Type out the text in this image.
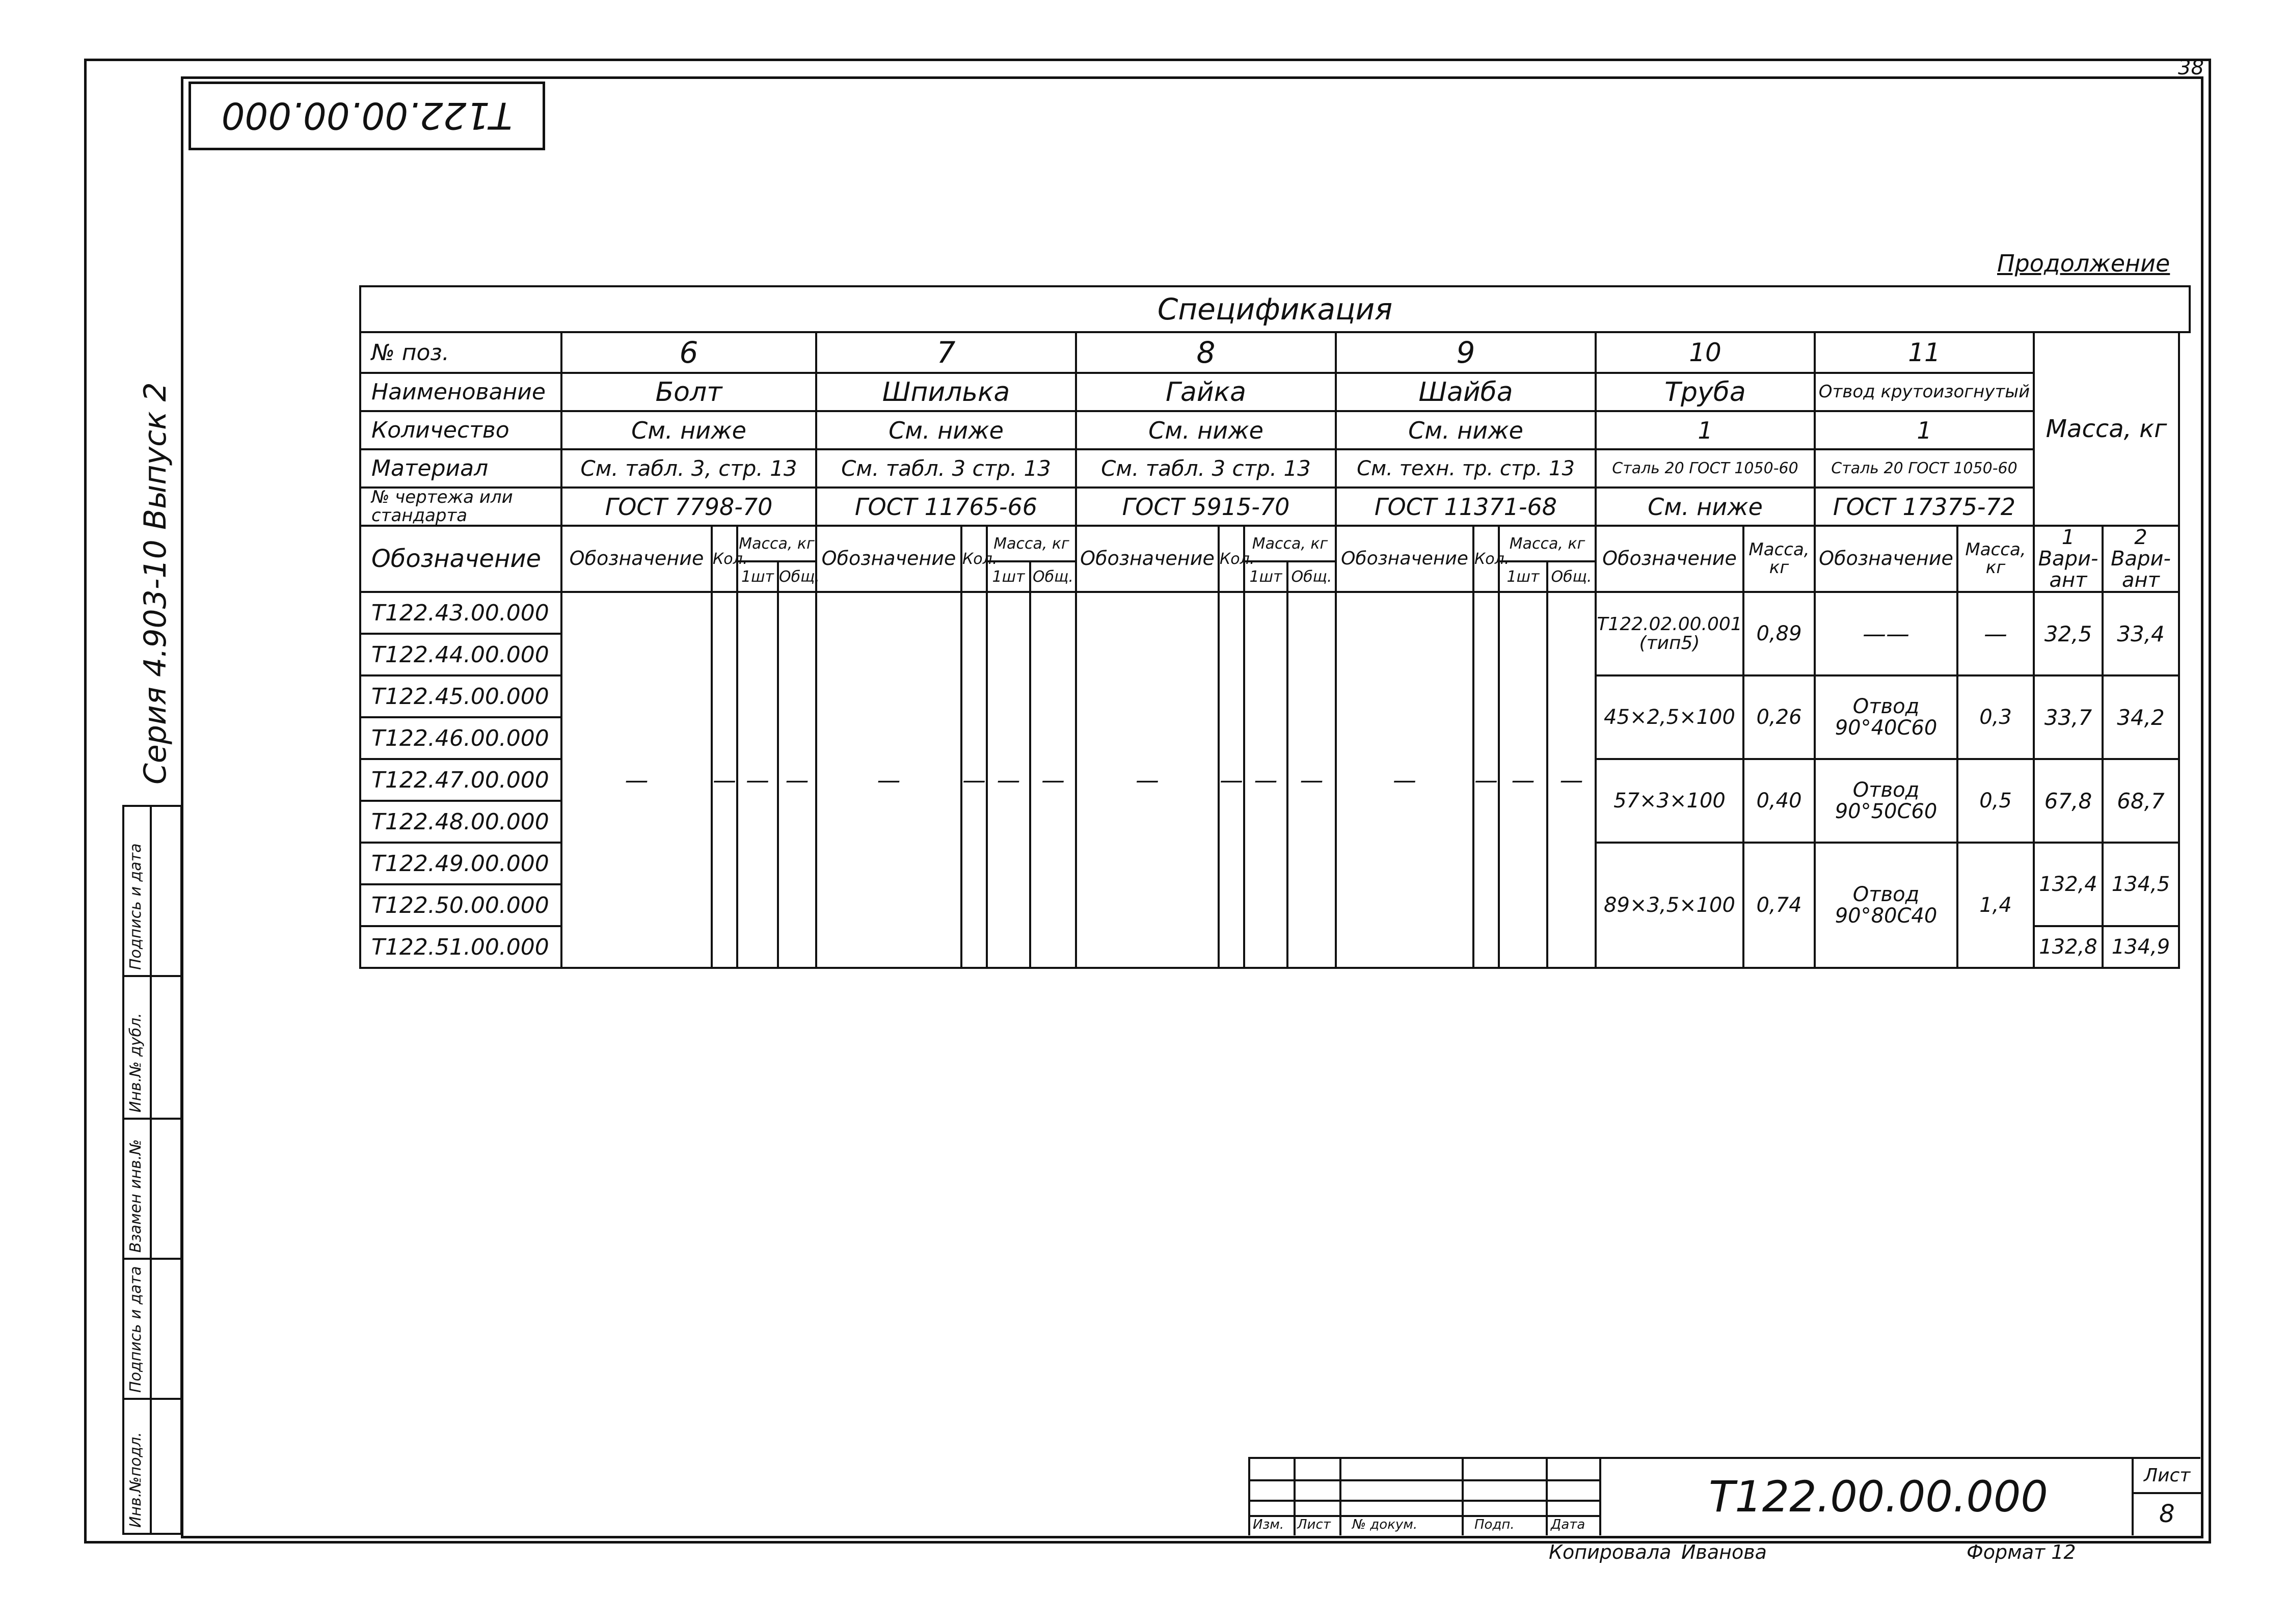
38
Т122.00.00.000
Продолжение
Серия 4.903-10 Выпуск 2
Подпись и дата
Инв.№ дубл.
Взамен инв.№
Подпись и дата
Инв.№подл.
Спецификация																						
№ поз.	6				7				8				9				10		11		Масса, кг	
Наименование	Болт				Шпилька				Гайка				Шайба				Труба		Отвод крутоизогнутый			
Количество	См. ниже				См. ниже				См. ниже				См. ниже				1		1			
Материал	См. табл. 3, стр. 13				См. табл. 3 стр. 13				См. табл. 3 стр. 13				См. техн. тр. стр. 13				Сталь 20 ГОСТ 1050-60		Сталь 20 ГОСТ 1050-60			
№ чертежа или стандарта	ГОСТ 7798-70				ГОСТ 11765-66				ГОСТ 5915-70				ГОСТ 11371-68				См. ниже		ГОСТ 17375-72			
Обозначение	Обозначение	Кол.	Масса, кг		Обозначение	Кол.	Масса, кг		Обозначение	Кол.	Масса, кг		Обозначение	Кол.	Масса, кг		Обозначение	Масса, кг	Обозначение	Масса, кг	1 Вари-ант	2 Вари-ант
			1шт	Общ.			1шт	Общ.			1шт	Общ.			1шт	Общ.						
Т122.43.00.000	—	—	—	—	—	—	—	—	—	—	—	—	—	—	—	—	Т122.02.00.001 (тип5)	0,89	——	—	32,5	33,4
Т122.44.00.000																						
Т122.45.00.000																	45×2,5×100	0,26	Отвод 90°40С60	0,3	33,7	34,2
Т122.46.00.000																						
Т122.47.00.000																	57×3×100	0,40	Отвод 90°50С60	0,5	67,8	68,7
Т122.48.00.000																						
Т122.49.00.000																	89×3,5×100	0,74	Отвод 90°80С40	1,4	132,4	134,5
Т122.50.00.000																						
Т122.51.00.000																					132,8	134,9
Изм. Лист № докум.	Подп.	Дата
Т122.00.00.000	Лист
8
Копировала Иванова	Формат 12
